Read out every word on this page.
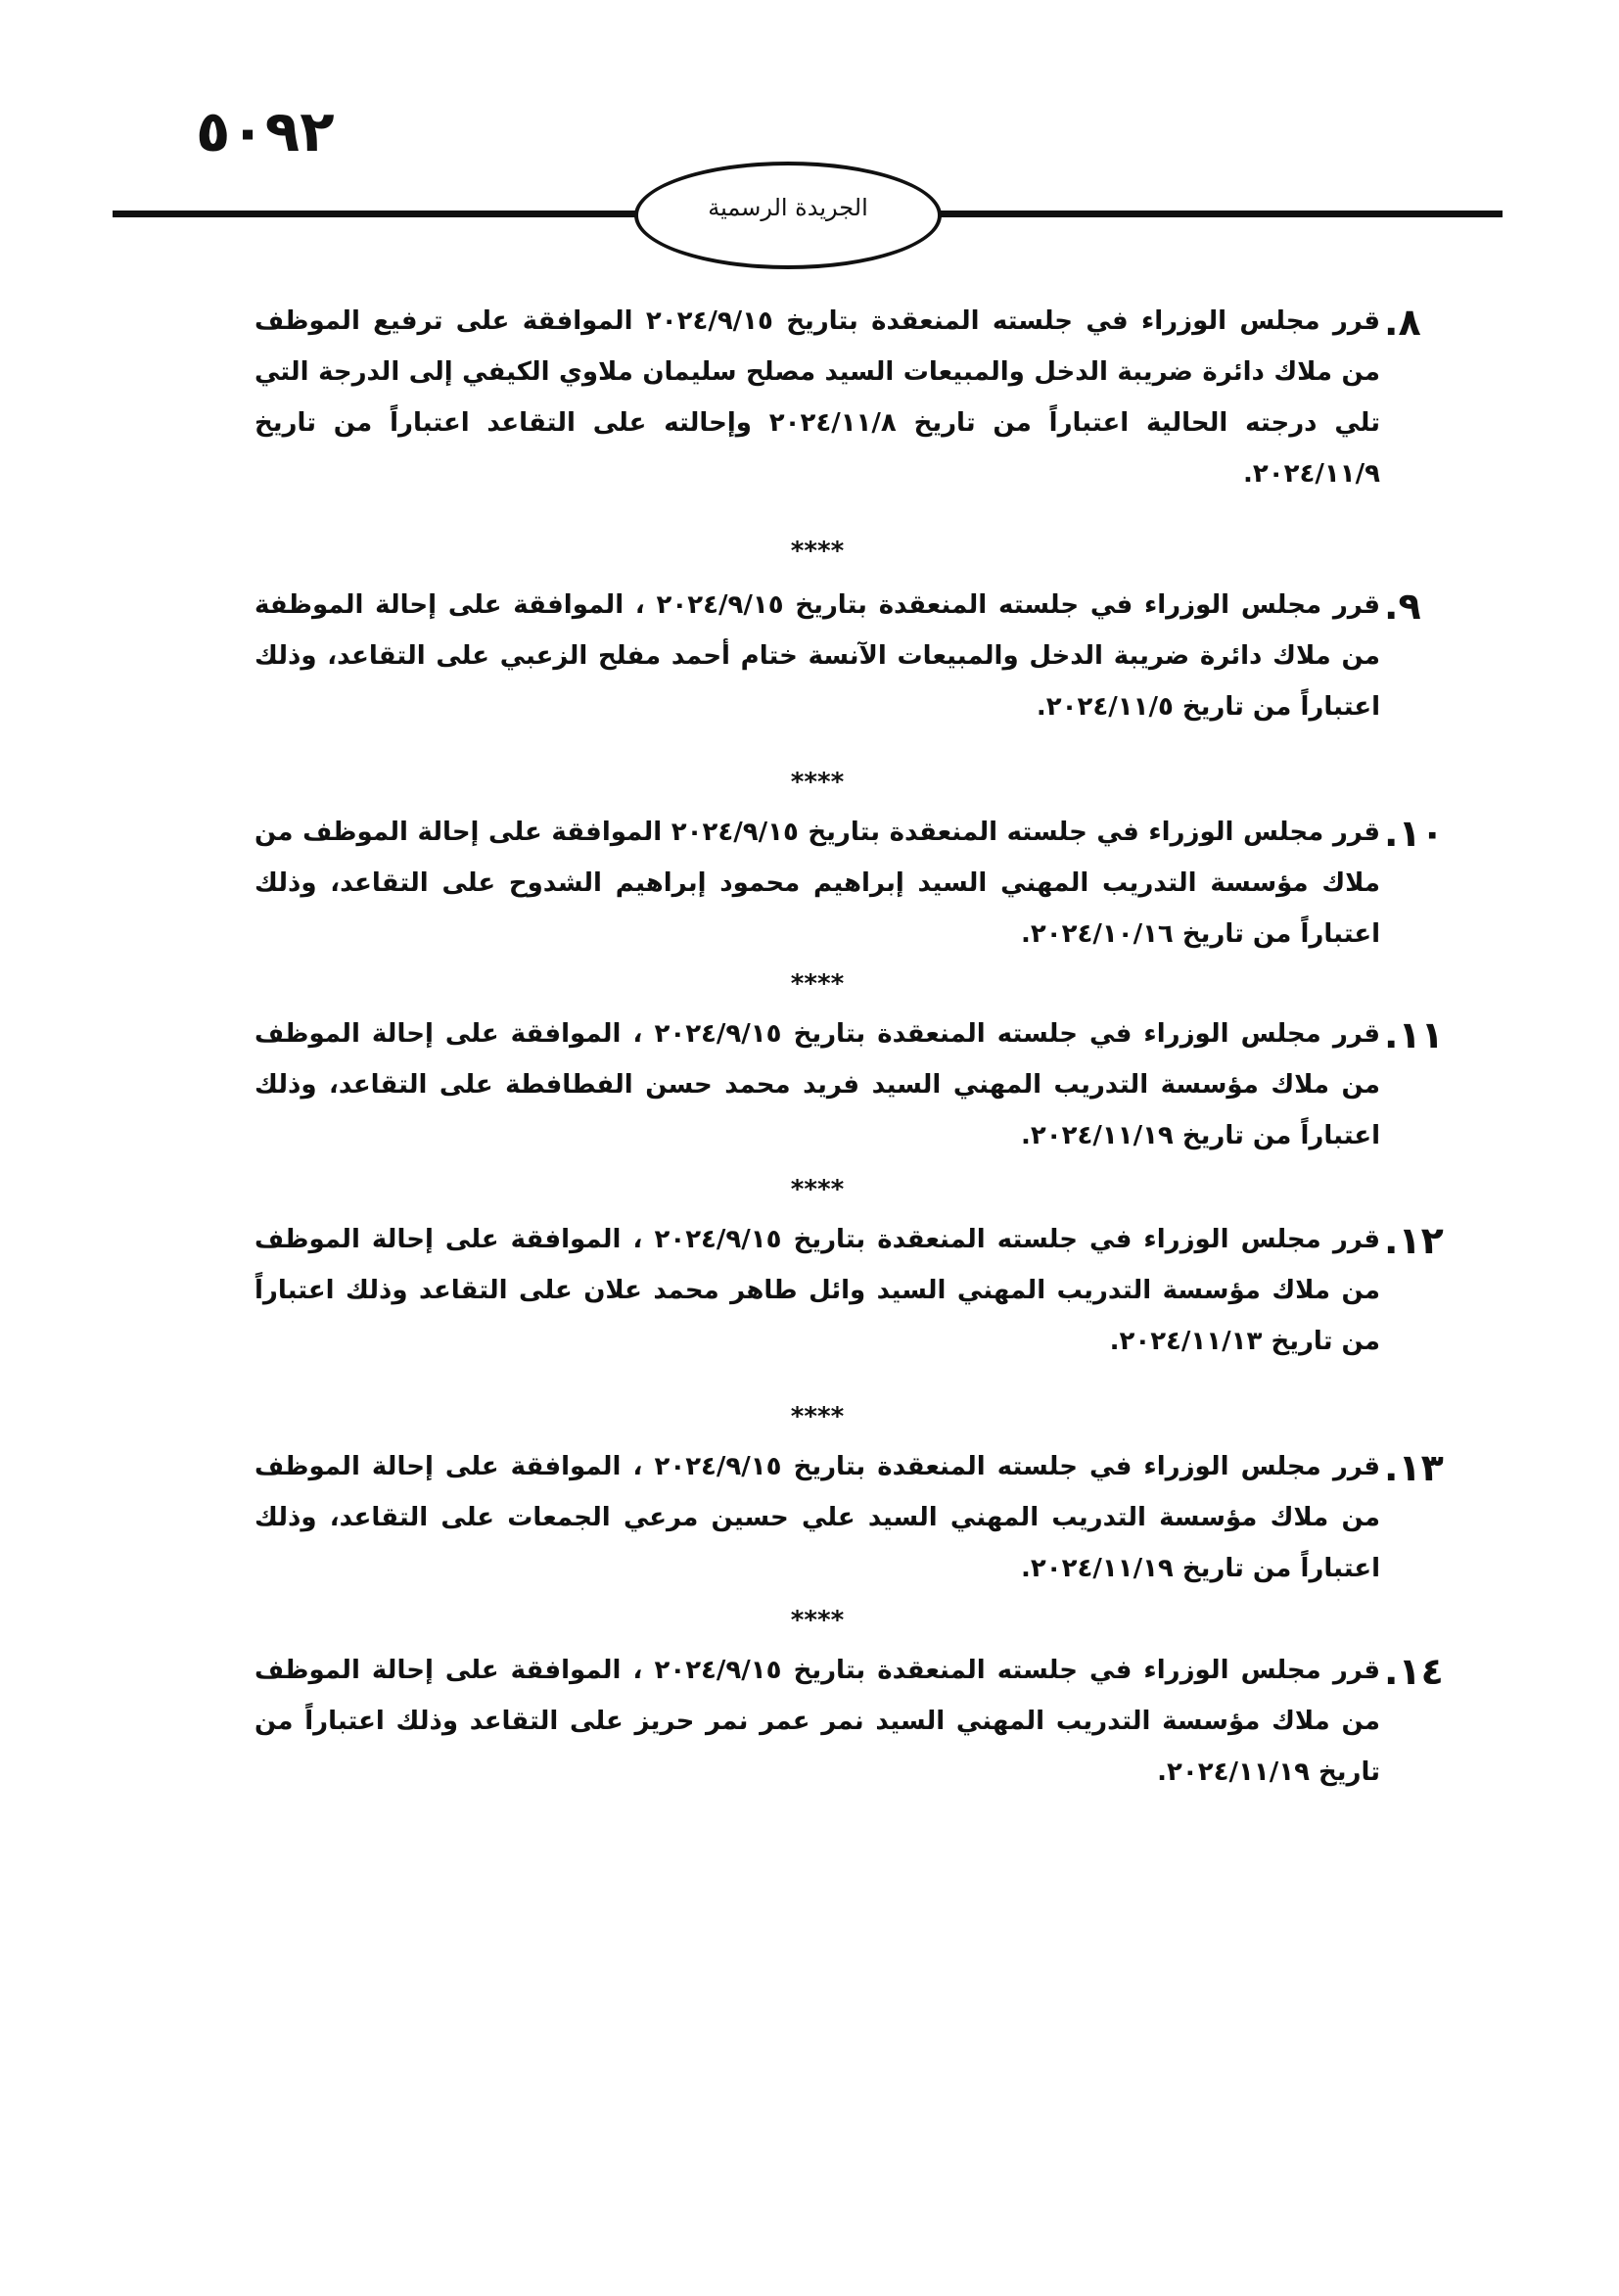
٥٠٩٢
الجريدة الرسمية
٨.

قرر مجلس الوزراء في جلسته المنعقدة بتاريخ ٢٠٢٤/٩/١٥ الموافقة على ترفيع الموظف من ملاك دائرة ضريبة الدخل والمبيعات السيد مصلح سليمان ملاوي الكيفي إلى الدرجة التي تلي درجته الحالية اعتباراً من تاريخ ٢٠٢٤/١١/٨ وإحالته على التقاعد اعتباراً من تاريخ ٢٠٢٤/١١/٩.

****

٩.

قرر مجلس الوزراء في جلسته المنعقدة بتاريخ ٢٠٢٤/٩/١٥ ، الموافقة على إحالة الموظفة من ملاك دائرة ضريبة الدخل والمبيعات الآنسة ختام أحمد مفلح الزعبي على التقاعد، وذلك اعتباراً من تاريخ ٢٠٢٤/١١/٥.

****

١٠.

قرر مجلس الوزراء في جلسته المنعقدة بتاريخ ٢٠٢٤/٩/١٥ الموافقة على إحالة الموظف من ملاك مؤسسة التدريب المهني السيد إبراهيم محمود إبراهيم الشدوح على التقاعد، وذلك اعتباراً من تاريخ ٢٠٢٤/١٠/١٦.

****

١١.

قرر مجلس الوزراء في جلسته المنعقدة بتاريخ ٢٠٢٤/٩/١٥ ، الموافقة على إحالة الموظف من ملاك مؤسسة التدريب المهني السيد فريد محمد حسن الفطافطة على التقاعد، وذلك اعتباراً من تاريخ ٢٠٢٤/١١/١٩.

****

١٢.

قرر مجلس الوزراء في جلسته المنعقدة بتاريخ ٢٠٢٤/٩/١٥ ، الموافقة على إحالة الموظف من ملاك مؤسسة التدريب المهني السيد وائل طاهر محمد علان على التقاعد وذلك اعتباراً من تاريخ ٢٠٢٤/١١/١٣.

****

١٣.

قرر مجلس الوزراء في جلسته المنعقدة بتاريخ ٢٠٢٤/٩/١٥ ، الموافقة على إحالة الموظف من ملاك مؤسسة التدريب المهني السيد علي حسين مرعي الجمعات على التقاعد، وذلك اعتباراً من تاريخ ٢٠٢٤/١١/١٩.

****

١٤.

قرر مجلس الوزراء في جلسته المنعقدة بتاريخ ٢٠٢٤/٩/١٥ ، الموافقة على إحالة الموظف من ملاك مؤسسة التدريب المهني السيد نمر عمر نمر حريز على التقاعد وذلك اعتباراً من تاريخ ٢٠٢٤/١١/١٩.
